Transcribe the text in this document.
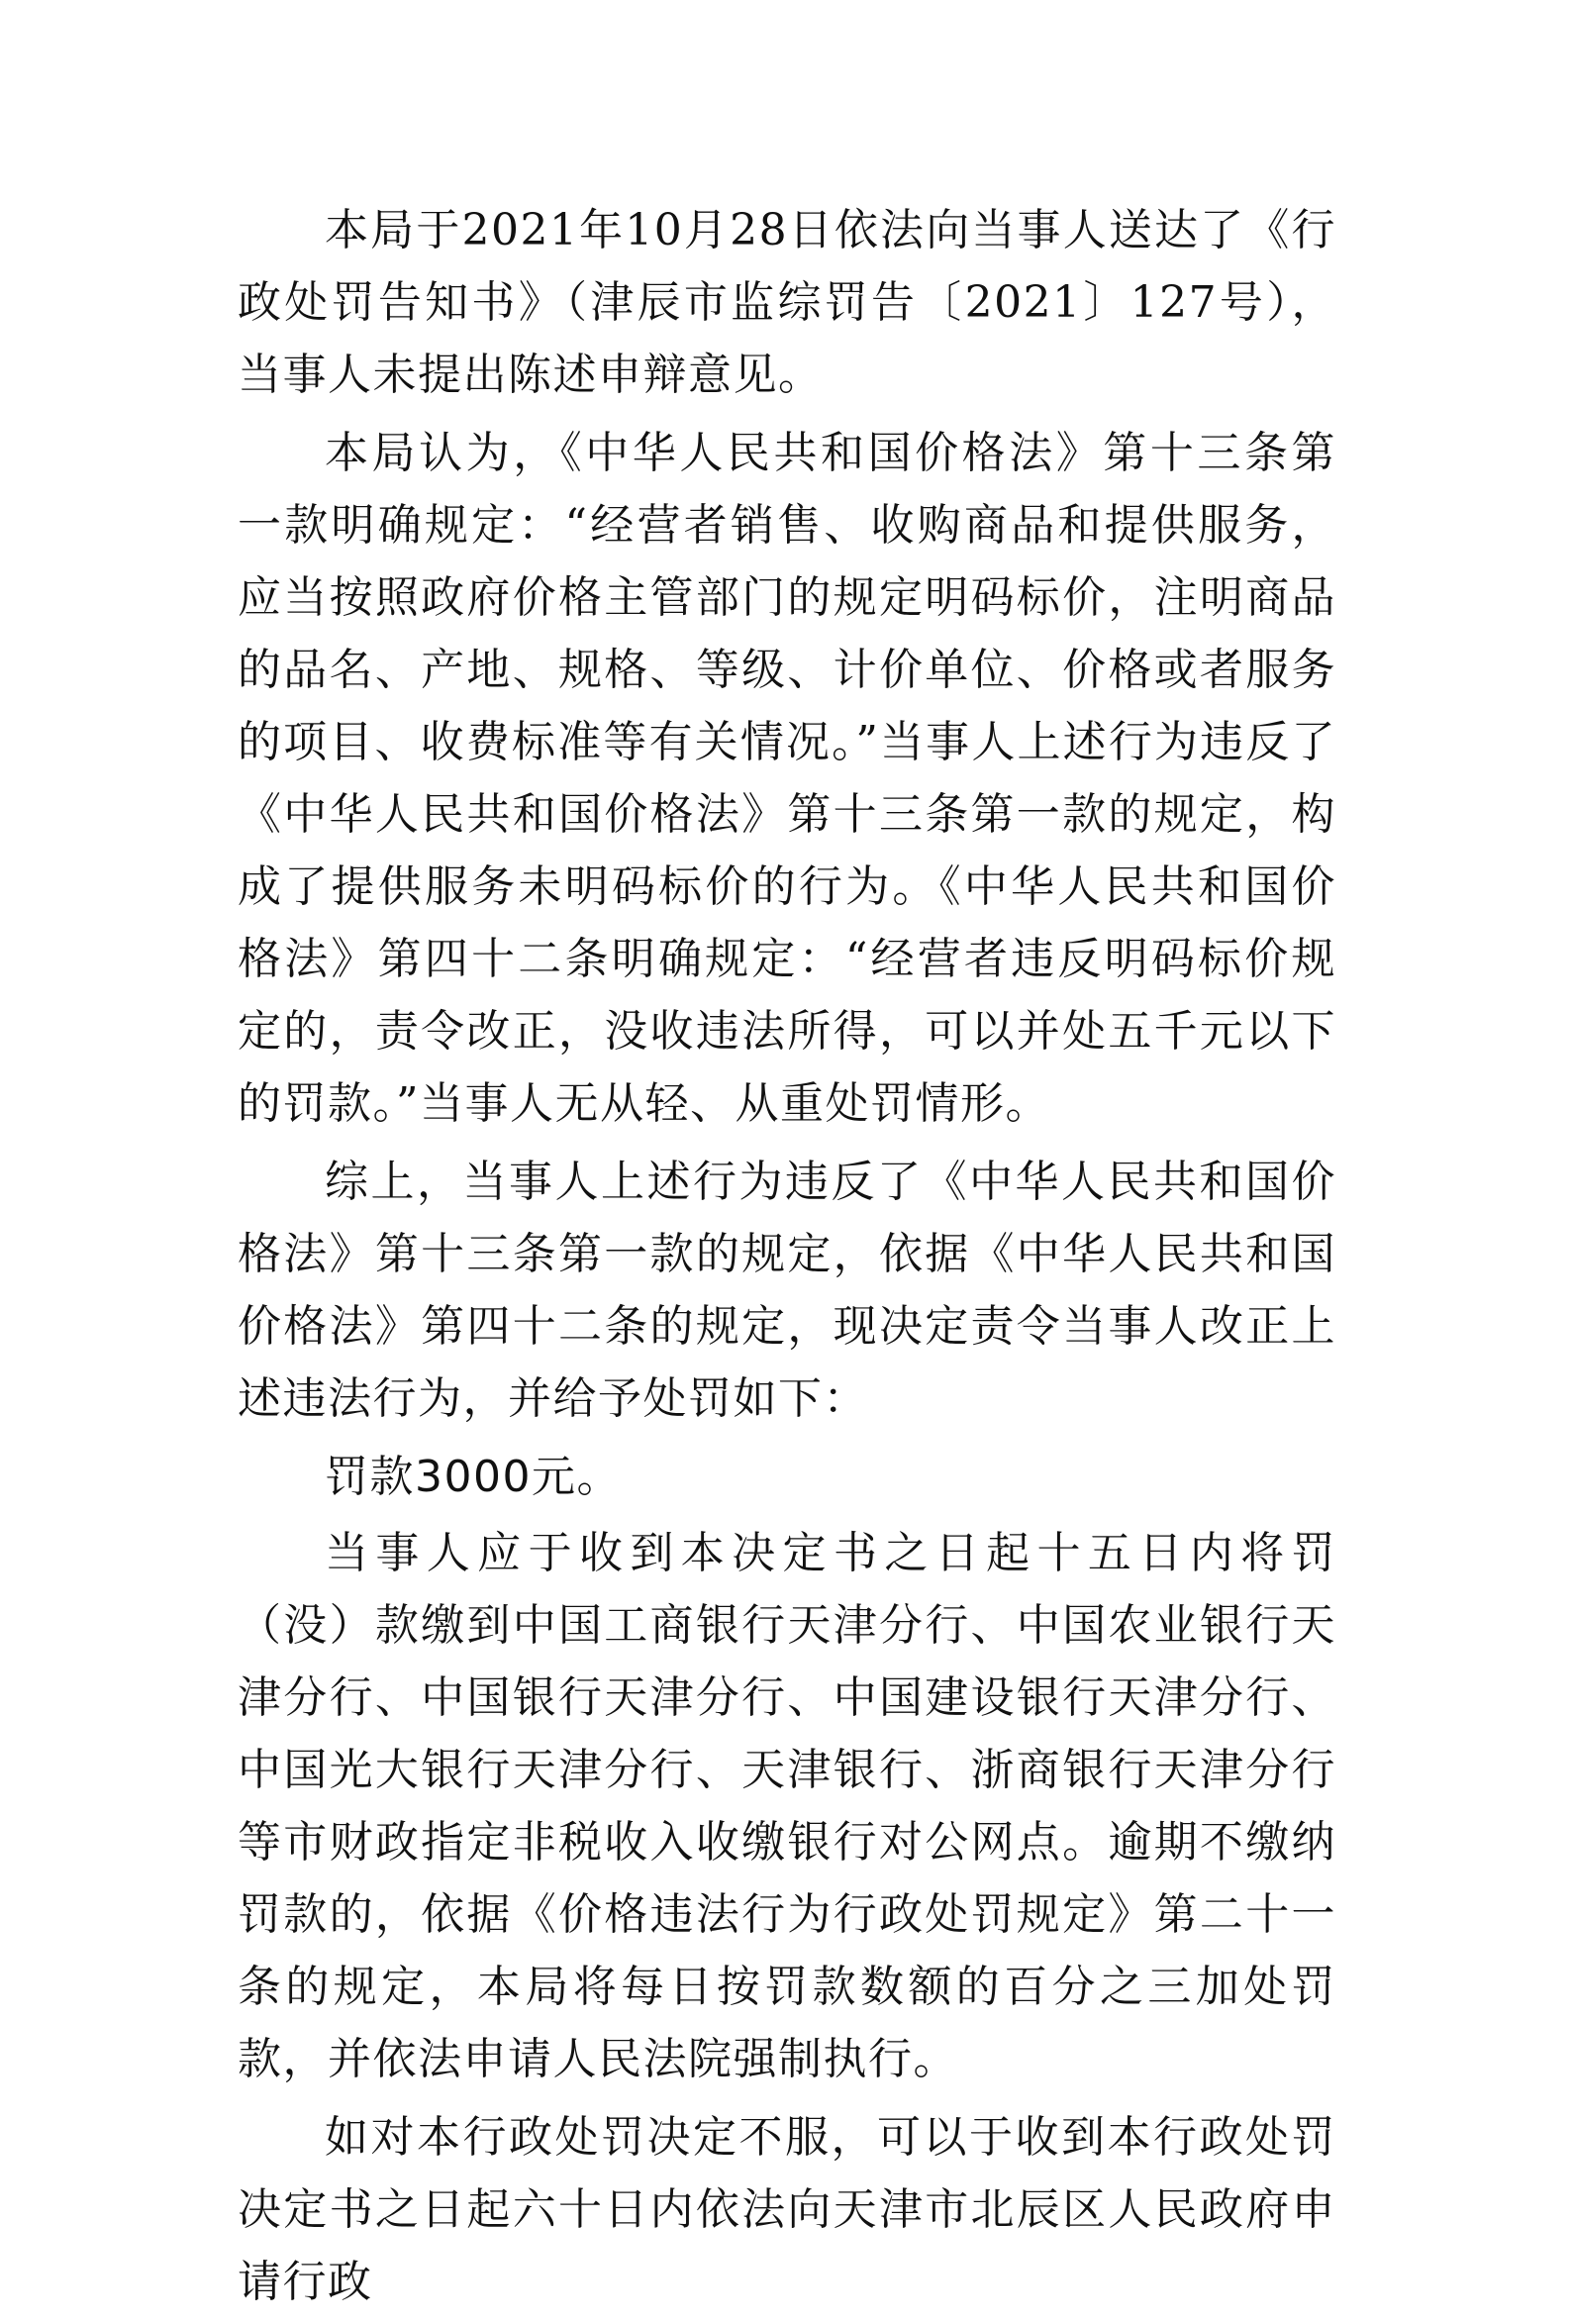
本局于2021年10月28日依法向当事人送达了《行政处罚告知书》（津辰市监综罚告〔2021〕127号），当事人未提出陈述申辩意见。

本局认为，《中华人民共和国价格法》第十三条第一款明确规定：“经营者销售、收购商品和提供服务，应当按照政府价格主管部门的规定明码标价，注明商品的品名、产地、规格、等级、计价单位、价格或者服务的项目、收费标准等有关情况。”当事人上述行为违反了《中华人民共和国价格法》第十三条第一款的规定，构成了提供服务未明码标价的行为。《中华人民共和国价格法》第四十二条明确规定：“经营者违反明码标价规定的，责令改正，没收违法所得，可以并处五千元以下的罚款。”当事人无从轻、从重处罚情形。

综上，当事人上述行为违反了《中华人民共和国价格法》第十三条第一款的规定，依据《中华人民共和国价格法》第四十二条的规定，现决定责令当事人改正上述违法行为，并给予处罚如下：

罚款3000元。

当事人应于收到本决定书之日起十五日内将罚（没）款缴到中国工商银行天津分行、中国农业银行天津分行、中国银行天津分行、中国建设银行天津分行、中国光大银行天津分行、天津银行、浙商银行天津分行等市财政指定非税收入收缴银行对公网点。逾期不缴纳罚款的，依据《价格违法行为行政处罚规定》第二十一条的规定，本局将每日按罚款数额的百分之三加处罚款，并依法申请人民法院强制执行。

如对本行政处罚决定不服，可以于收到本行政处罚决定书之日起六十日内依法向天津市北辰区人民政府申请行政
